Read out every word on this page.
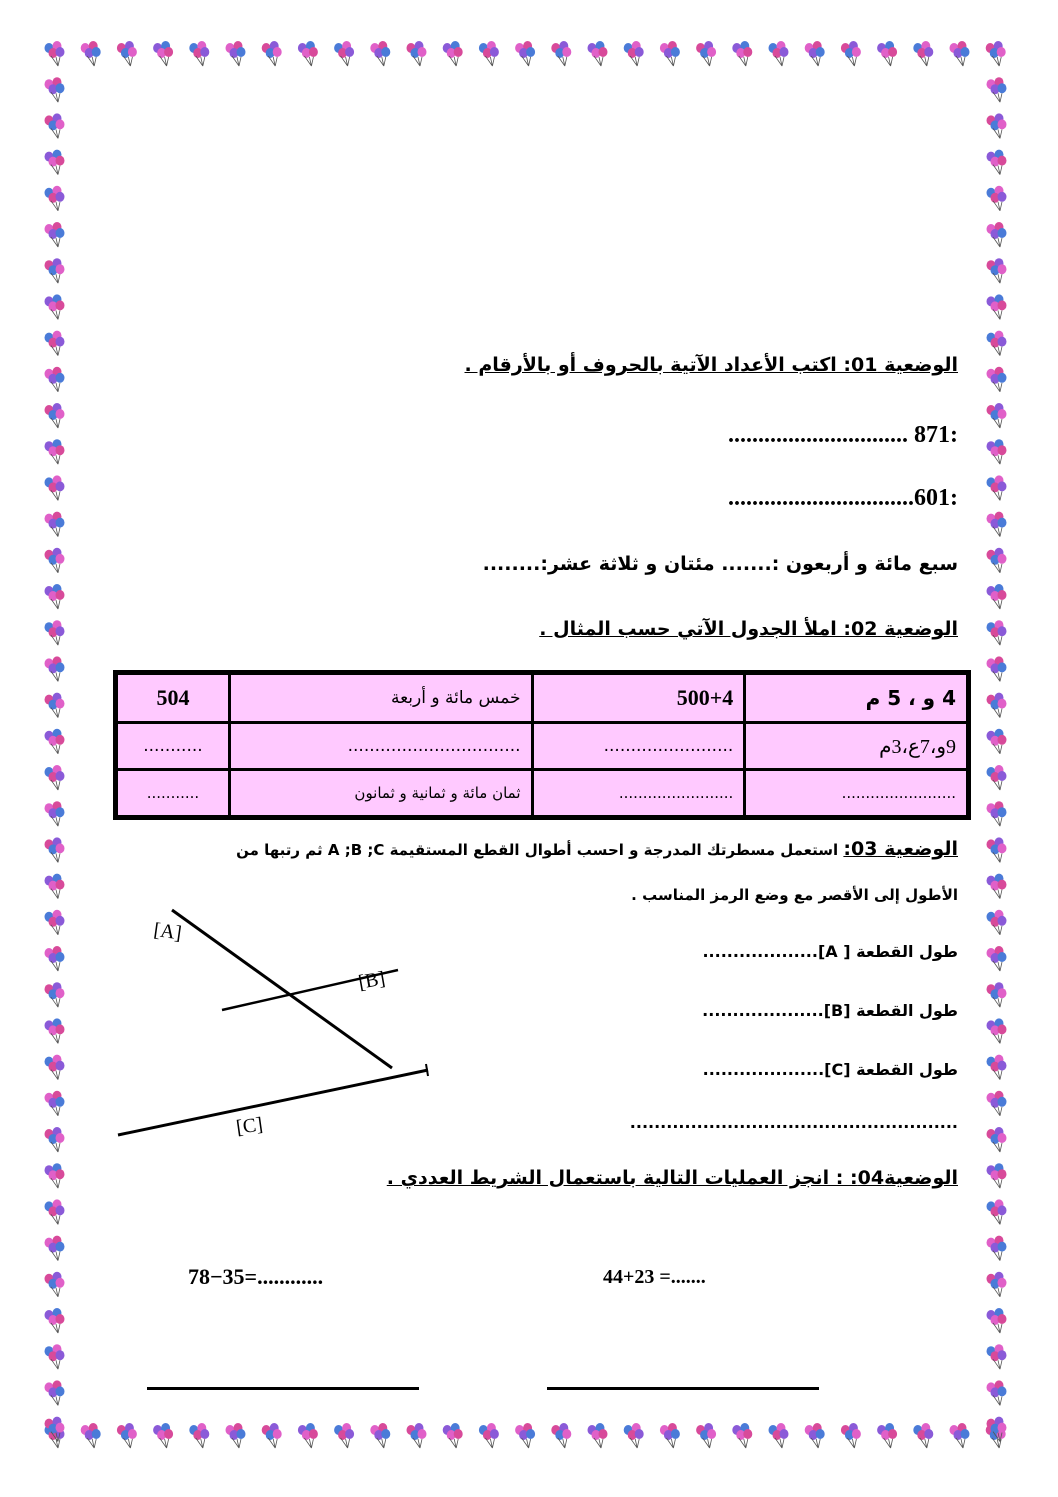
الوضعية 01: اكتب الأعداد الآتية بالحروف أو بالأرقام .
:871 ..............................
:601...............................
سبع مائة و أربعون :....... مئتان و ثلاثة عشر:........
الوضعية 02: املأ الجدول الآتي حسب المثال .
4 و ، 5 م	500+4	خمس مائة و أربعة	504
9و،7ع،3م	........................	................................	...........
........................	........................	ثمان مائة و ثمانية و ثمانون	...........
الوضعية 03: استعمل مسطرتك المدرجة و احسب أطوال القطع المستقيمة A ;B ;C ثم رتبها من
الأطول إلى الأقصر مع وضع الرمز المناسب .
[A]
[B]
[C]
طول القطعة [ A]...................
طول القطعة [B]....................
طول القطعة [C]....................
......................................................
الوضعية04: : انجز العمليات التالية باستعمال الشريط العددي .
78−35=............	44+23 =.......
